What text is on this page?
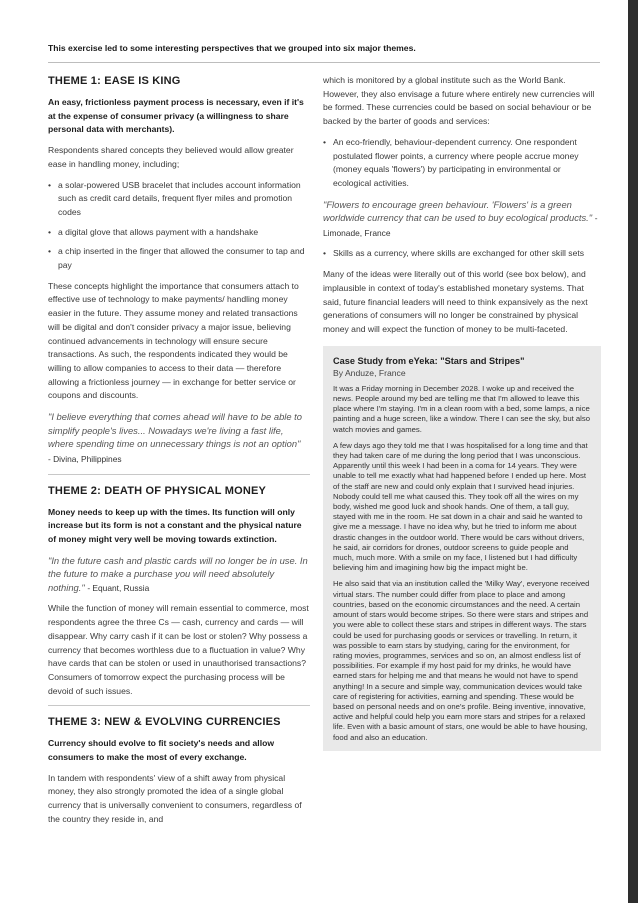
This exercise led to some interesting perspectives that we grouped into six major themes.
THEME 1: EASE IS KING

An easy, frictionless payment process is necessary, even if it's at the expense of consumer privacy (a willingness to share personal data with merchants).

Respondents shared concepts they believed would allow greater ease in handling money, including;

• a solar-powered USB bracelet that includes account information such as credit card details, frequent flyer miles and promotion codes
• a digital glove that allows payment with a handshake
• a chip inserted in the finger that allowed the consumer to tap and pay

These concepts highlight the importance that consumers attach to effective use of technology to make payments/ handling money easier in the future. They assume money and related transactions will be digital and don't consider privacy a major issue, believing continued advancements in technology will ensure secure transactions. As such, the respondents indicated they would be willing to allow companies to access to their data — therefore allowing a frictionless journey — in exchange for better service or coupons and discounts.

"I believe everything that comes ahead will have to be able to simplify people's lives... Nowadays we're living a fast life, where spending time on unnecessary things is not an option"

- Divina, Philippines

THEME 2: DEATH OF PHYSICAL MONEY

Money needs to keep up with the times. Its function will only increase but its form is not a constant and the physical nature of money might very well be moving towards extinction.

"In the future cash and plastic cards will no longer be in use. In the future to make a purchase you will need absolutely nothing." - Equant, Russia

While the function of money will remain essential to commerce, most respondents agree the three Cs — cash, currency and cards — will disappear. Why carry cash if it can be lost or stolen? Why possess a currency that becomes worthless due to a fluctuation in value? Why have cards that can be stolen or used in unauthorised transactions? Consumers of tomorrow expect the purchasing process will be devoid of such issues.

THEME 3: NEW & EVOLVING CURRENCIES

Currency should evolve to fit society's needs and allow consumers to make the most of every exchange.

In tandem with respondents' view of a shift away from physical money, they also strongly promoted the idea of a single global currency that is universally convenient to consumers, regardless of the country they reside in, and

which is monitored by a global institute such as the World Bank. However, they also envisage a future where entirely new currencies will be formed. These currencies could be based on social behaviour or be backed by the barter of goods and services:

• An eco-friendly, behaviour-dependent currency. One respondent postulated flower points, a currency where people accrue money (money equals 'flowers') by participating in environmental or ecological activities.

"Flowers to encourage green behaviour. 'Flowers' is a green worldwide currency that can be used to buy ecological products." - Limonade, France

• Skills as a currency, where skills are exchanged for other skill sets

Many of the ideas were literally out of this world (see box below), and implausible in context of today's established monetary systems. That said, future financial leaders will need to think expansively as the next generations of consumers will no longer be constrained by physical money and will expect the function of money to be multi-faceted.

Case Study from eYeka: "Stars and Stripes"
By Anduze, France

It was a Friday morning in December 2028. I woke up and received the news. People around my bed are telling me that I'm allowed to leave this place where I'm staying. I'm in a clean room with a bed, some lamps, a nice painting and a huge screen, like a window. There I can see the sky, but also watch movies and games.

A few days ago they told me that I was hospitalised for a long time and that they had taken care of me during the long period that I was unconscious. Apparently until this week I had been in a coma for 14 years. They were unable to tell me exactly what had happened before I ended up here. Most of the staff are new and could only explain that I survived head injuries. Nobody could tell me what caused this. They took off all the wires on my body, wished me good luck and shook hands. One of them, a tall guy, stayed with me in the room. He sat down in a chair and said he wanted to give me a message. I have no idea why, but he tried to inform me about drastic changes in the outdoor world. There would be cars without drivers, he said, air corridors for drones, outdoor screens to guide people and much, much more. With a smile on my face, I listened but I had difficulty believing him and imagining how big the impact might be.

He also said that via an institution called the 'Milky Way', everyone received virtual stars. The number could differ from place to place and among countries, based on the economic circumstances and the need. A certain amount of stars would become stripes. So there were stars and stripes and you were able to collect these stars and stripes in different ways. The stars could be used for purchasing goods or services or travelling. In return, it was possible to earn stars by studying, caring for the environment, for rating movies, programmes, services and so on, an almost endless list of possibilities. For example if my host paid for my drinks, he would have earned stars for helping me and that means he would not have to spend anything! In a secure and simple way, communication devices would take care of registering for activities, earning and spending. These would be based on personal needs and on one's profile. Being inventive, innovative, active and helpful could help you earn more stars and stripes for a relaxed life. Even with a basic amount of stars, one would be able to have housing, food and also an education.
